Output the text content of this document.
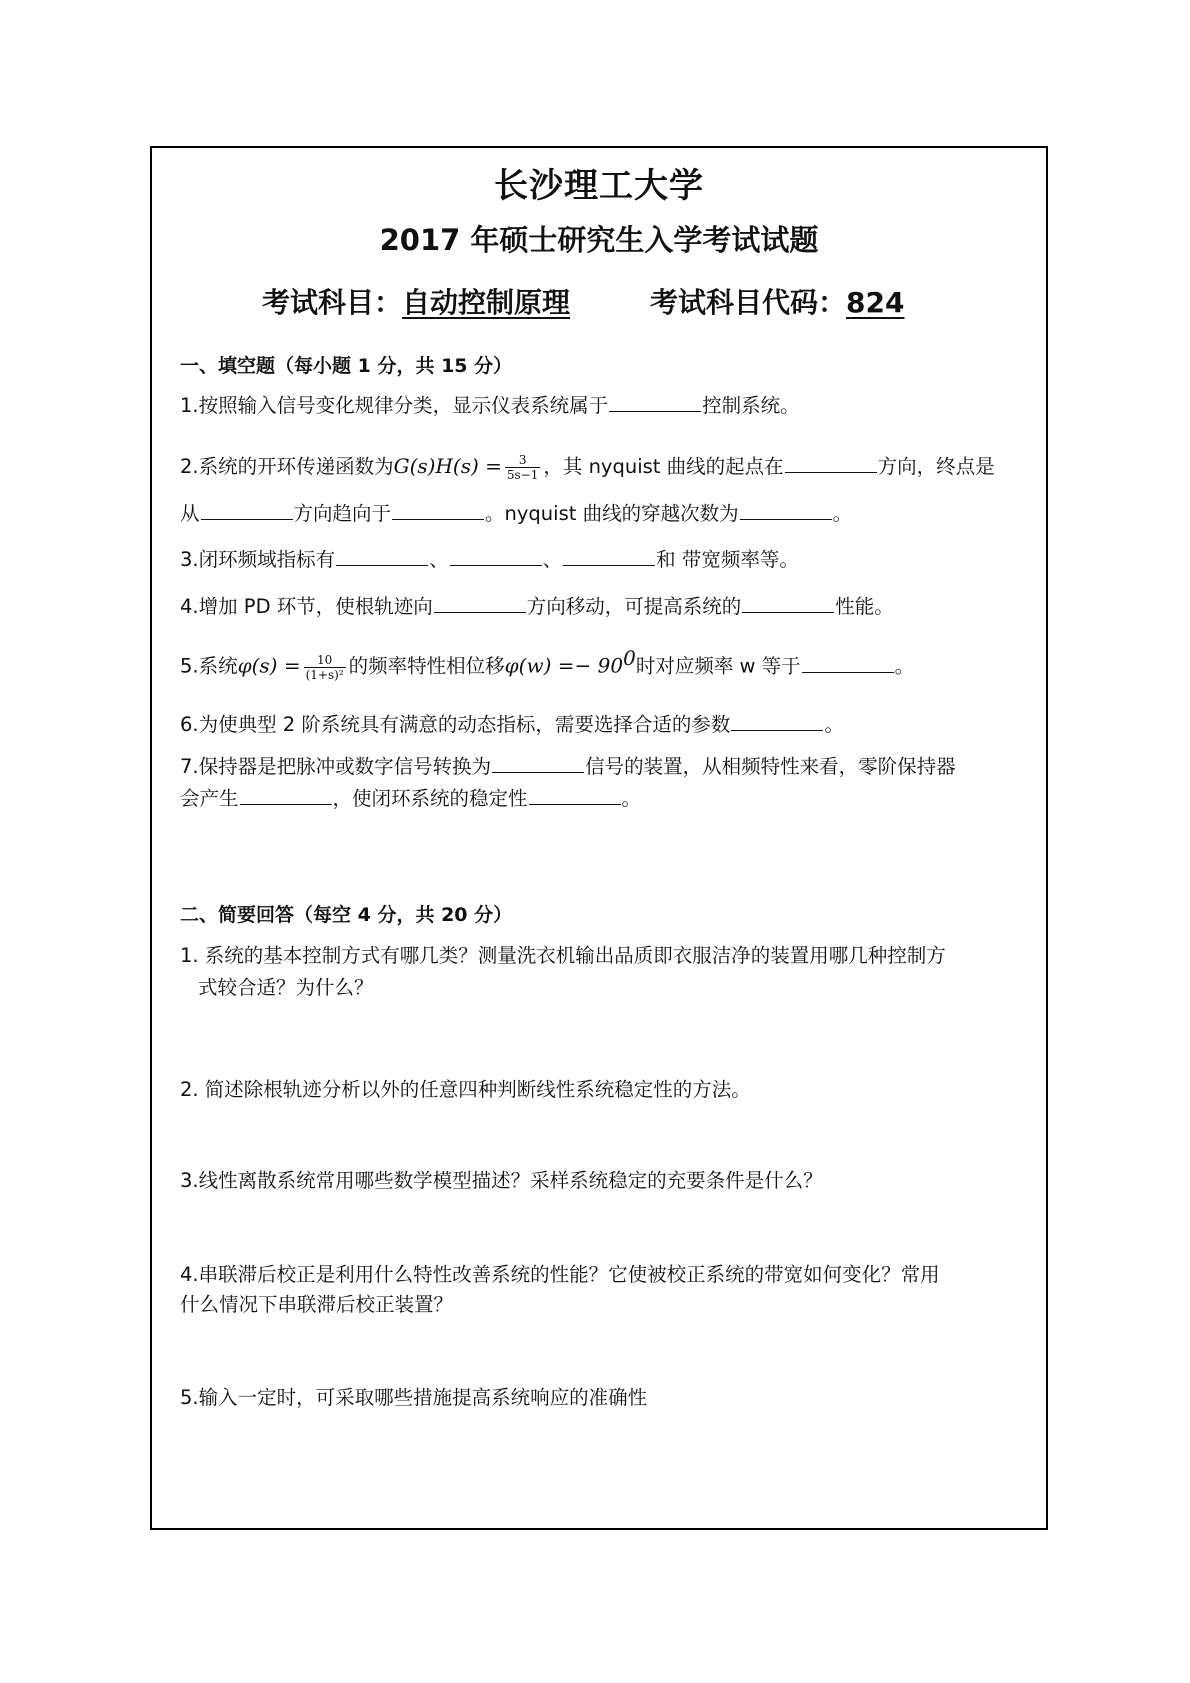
长沙理工大学
2017 年硕士研究生入学考试试题
考试科目：自动控制原理	考试科目代码：824
一、填空题（每小题 1 分，共 15 分）
1.按照输入信号变化规律分类，显示仪表系统属于	控制系统。
2.系统的开环传递函数为$G(s)H(s) = \frac{3}{5s-1}$ ，其 nyquist 曲线的起点在	方向，终点是
从	方向趋向于	。nyquist 曲线的穿越次数为	。
3.闭环频域指标有	、	、	和 带宽频率等。
4.增加 PD 环节，使根轨迹向	方向移动，可提高系统的	性能。
5.系统$\varphi(s) = \frac{10}{\text{(1+s)²}}$ 的频率特性相位移$\varphi(w) =- 90^0$时对应频率 w 等于	。
6.为使典型 2 阶系统具有满意的动态指标，需要选择合适的参数	。
7.保持器是把脉冲或数字信号转换为	信号的装置，从相频特性来看，零阶保持器
会产生	，使闭环系统的稳定性	。
二、简要回答（每空 4 分，共 20 分）
1. 系统的基本控制方式有哪几类？测量洗衣机输出品质即衣服洁净的装置用哪几种控制方
式较合适？为什么？
2. 简述除根轨迹分析以外的任意四种判断线性系统稳定性的方法。
3.线性离散系统常用哪些数学模型描述？采样系统稳定的充要条件是什么？
4.串联滞后校正是利用什么特性改善系统的性能？它使被校正系统的带宽如何变化？常用
什么情况下串联滞后校正装置？
5.输入一定时，可采取哪些措施提高系统响应的准确性
